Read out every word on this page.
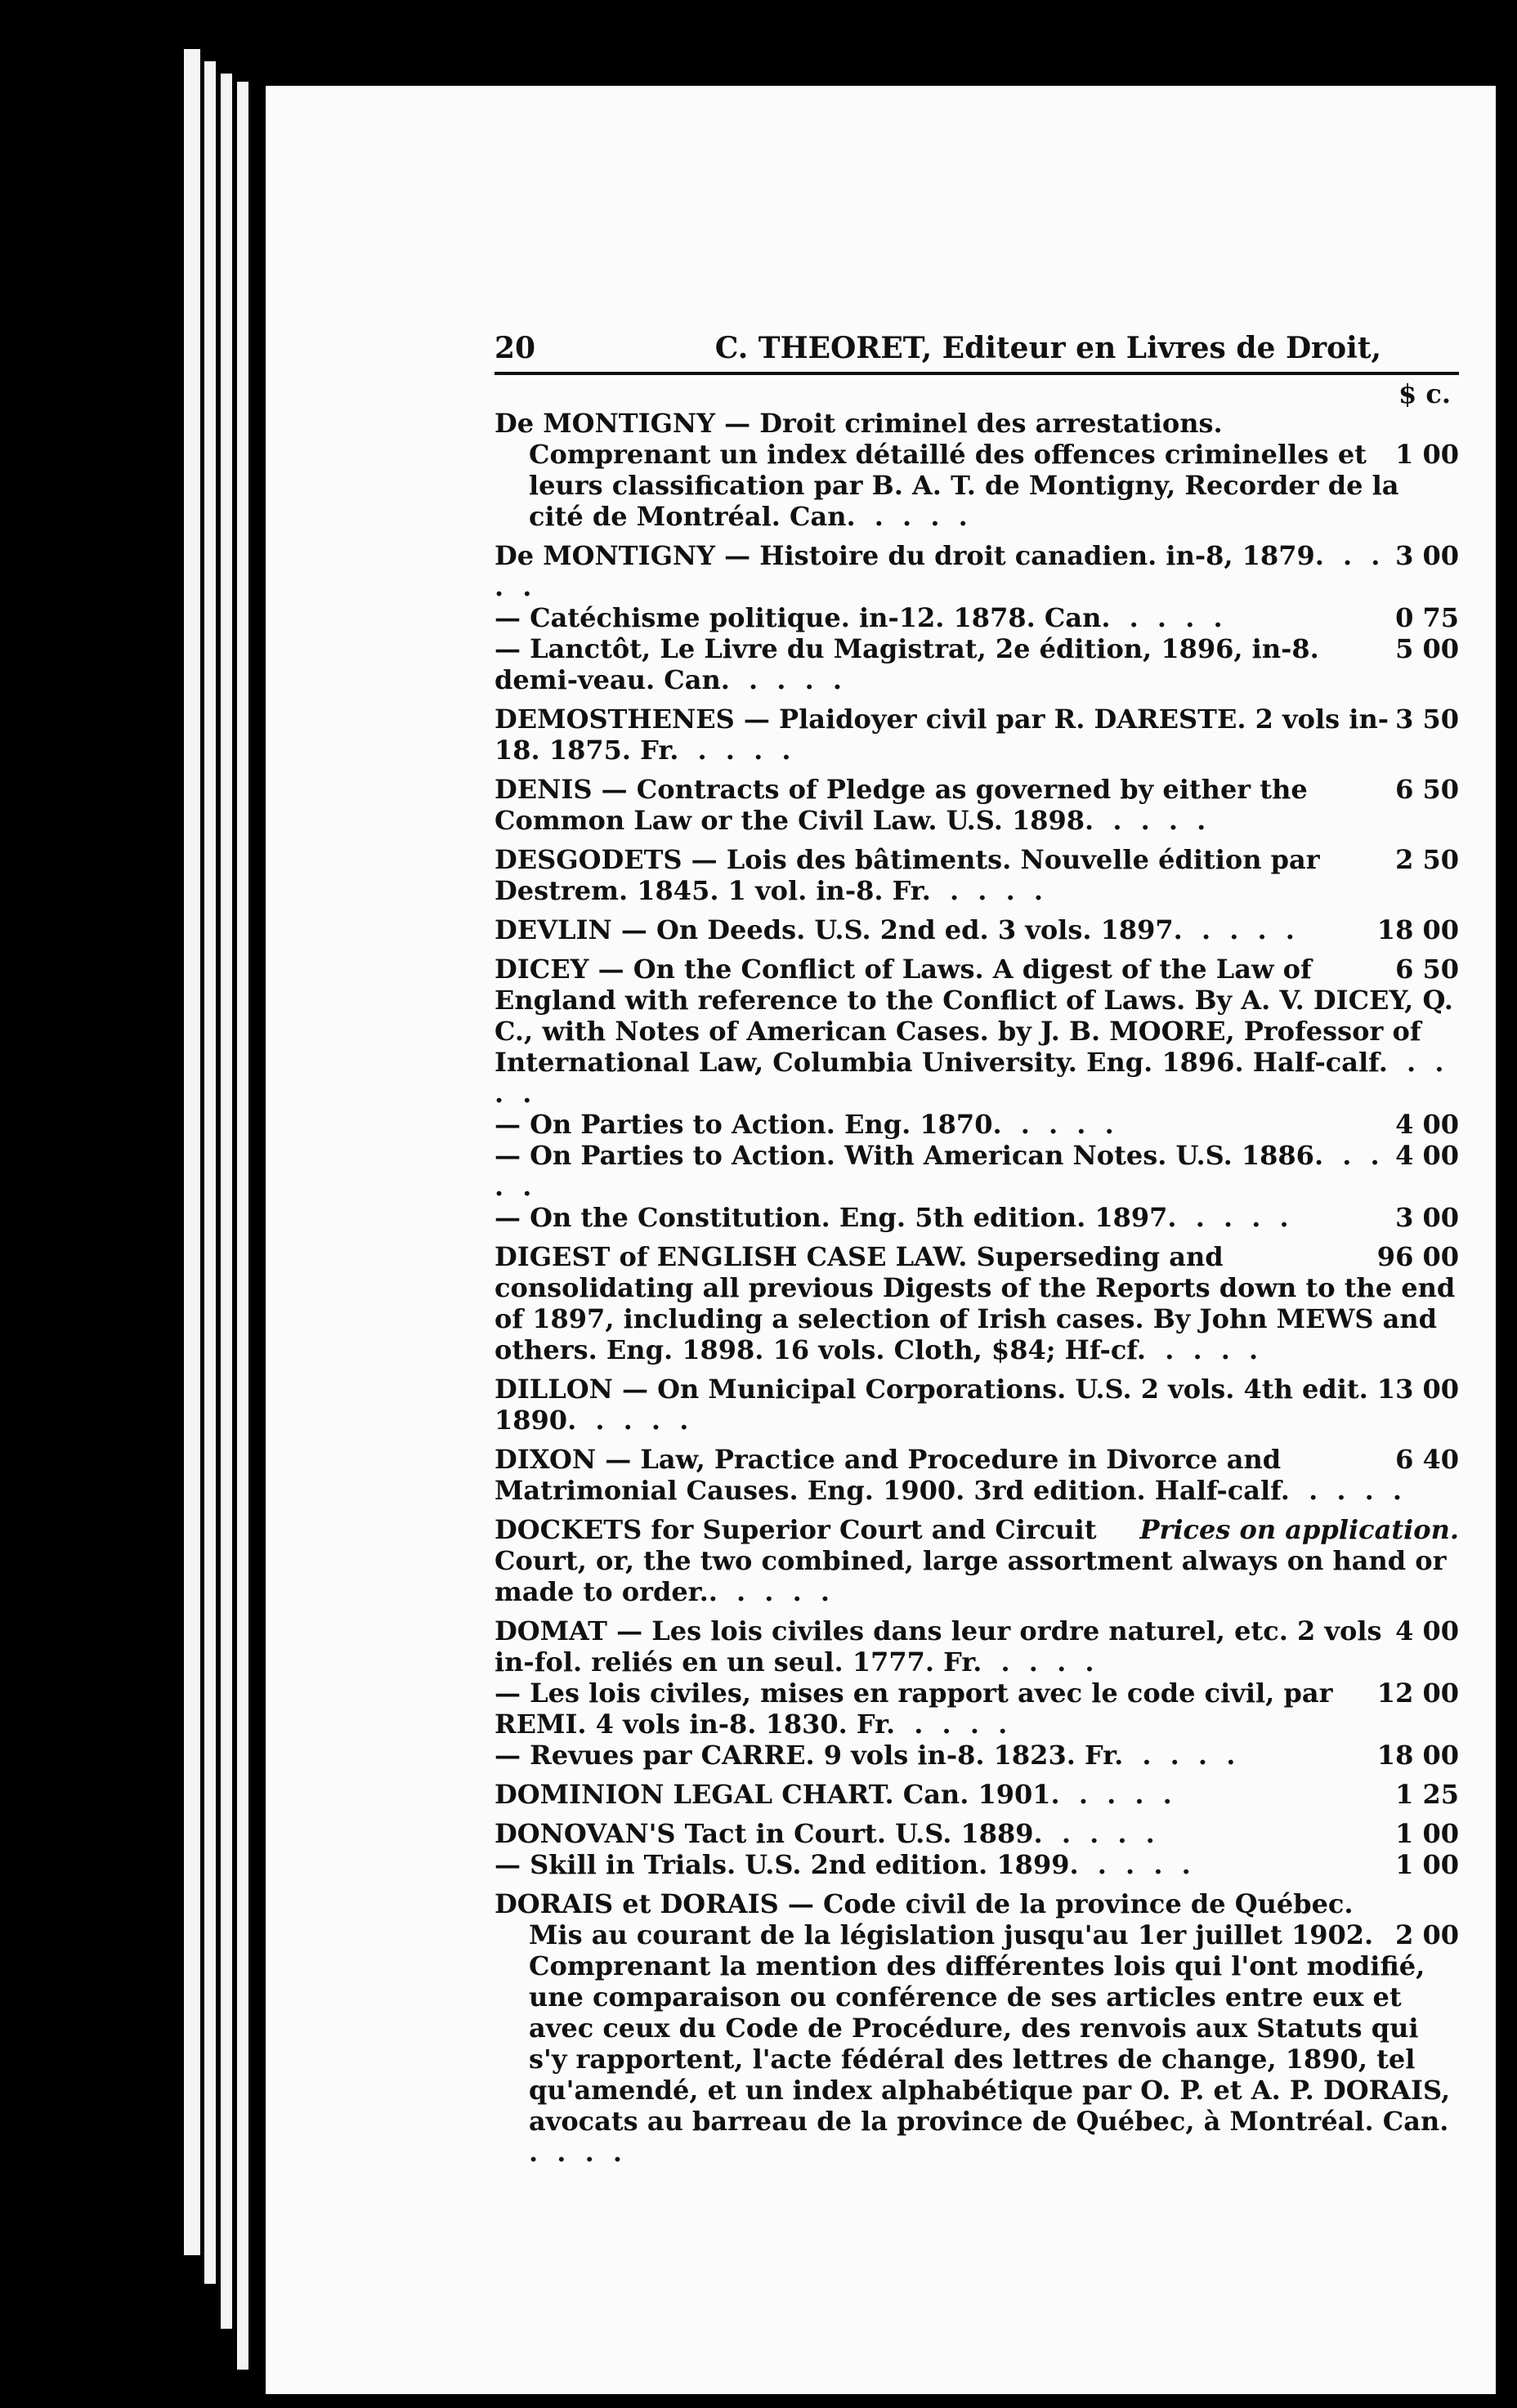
20	C. THEORET, Editeur en Livres de Droit,
$ c.
De MONTIGNY — Droit criminel des arrestations.
1 00
Comprenant un index détaillé des offences criminelles et leurs classification par B. A. T. de Montigny, Recorder de la cité de Montréal. Can. . . . .
3 00
De MONTIGNY — Histoire du droit canadien. in-8, 1879. . . . .
0 75
— Catéchisme politique. in-12. 1878. Can. . . . .
5 00
— Lanctôt, Le Livre du Magistrat, 2e édition, 1896, in-8. demi-veau. Can. . . . .
3 50
DEMOSTHENES — Plaidoyer civil par R. DARESTE. 2 vols in-18. 1875. Fr. . . . .
6 50
DENIS — Contracts of Pledge as governed by either the Common Law or the Civil Law. U.S. 1898. . . . .
2 50
DESGODETS — Lois des bâtiments. Nouvelle édition par Destrem. 1845. 1 vol. in-8. Fr. . . . .
18 00
DEVLIN — On Deeds. U.S. 2nd ed. 3 vols. 1897. . . . .
6 50
DICEY — On the Conflict of Laws. A digest of the Law of England with reference to the Conflict of Laws. By A. V. DICEY, Q. C., with Notes of American Cases. by J. B. MOORE, Professor of International Law, Columbia University. Eng. 1896. Half-calf. . . . .
4 00
— On Parties to Action. Eng. 1870. . . . .
4 00
— On Parties to Action. With American Notes. U.S. 1886. . . . .
3 00
— On the Constitution. Eng. 5th edition. 1897. . . . .
96 00
DIGEST of ENGLISH CASE LAW. Superseding and consolidating all previous Digests of the Reports down to the end of 1897, including a selection of Irish cases. By John MEWS and others. Eng. 1898. 16 vols. Cloth, $84; Hf-cf. . . . .
13 00
DILLON — On Municipal Corporations. U.S. 2 vols. 4th edit. 1890. . . . .
6 40
DIXON — Law, Practice and Procedure in Divorce and Matrimonial Causes. Eng. 1900. 3rd edition. Half-calf. . . . .
Prices on application.
DOCKETS for Superior Court and Circuit Court, or, the two combined, large assortment always on hand or made to order.. . . . .
4 00
DOMAT — Les lois civiles dans leur ordre naturel, etc. 2 vols in-fol. reliés en un seul. 1777. Fr. . . . .
12 00
— Les lois civiles, mises en rapport avec le code civil, par REMI. 4 vols in-8. 1830. Fr. . . . .
18 00
— Revues par CARRE. 9 vols in-8. 1823. Fr. . . . .
1 25
DOMINION LEGAL CHART. Can. 1901. . . . .
1 00
DONOVAN'S Tact in Court. U.S. 1889. . . . .
1 00
— Skill in Trials. U.S. 2nd edition. 1899. . . . .
DORAIS et DORAIS — Code civil de la province de Québec.
2 00
Mis au courant de la législation jusqu'au 1er juillet 1902. Comprenant la mention des différentes lois qui l'ont modifié, une comparaison ou conférence de ses articles entre eux et avec ceux du Code de Procédure, des renvois aux Statuts qui s'y rapportent, l'acte fédéral des lettres de change, 1890, tel qu'amendé, et un index alphabétique par O. P. et A. P. DORAIS, avocats au barreau de la province de Québec, à Montréal. Can. . . . .
